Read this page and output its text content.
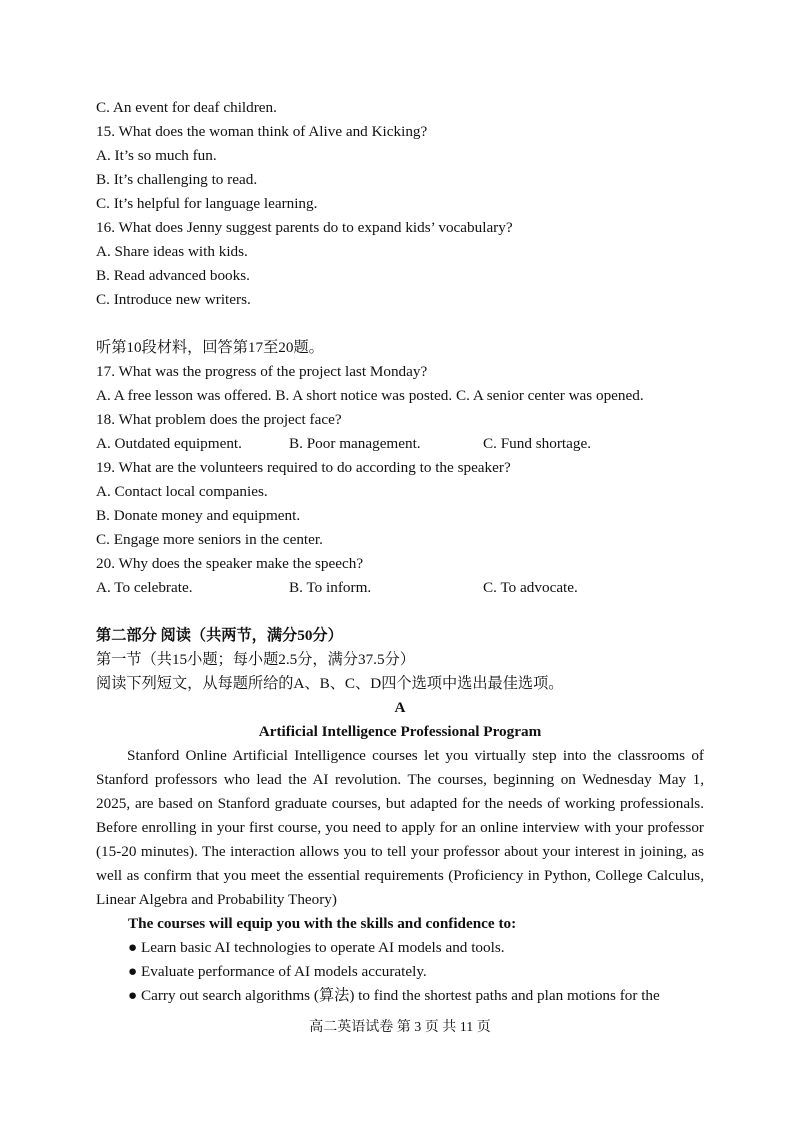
C. An event for deaf children.
15. What does the woman think of Alive and Kicking?
A. It’s so much fun.
B. It’s challenging to read.
C. It’s helpful for language learning.
16. What does Jenny suggest parents do to expand kids’ vocabulary?
A. Share ideas with kids.
B. Read advanced books.
C. Introduce new writers.
听第10段材料，回答第17至20题。
17. What was the progress of the project last Monday?
A. A free lesson was offered. B. A short notice was posted. C. A senior center was opened.
18. What problem does the project face?
A. Outdated equipment.	B. Poor management.	C. Fund shortage.
19. What are the volunteers required to do according to the speaker?
A. Contact local companies.
B. Donate money and equipment.
C. Engage more seniors in the center.
20. Why does the speaker make the speech?
A. To celebrate.	B. To inform.	C. To advocate.
第二部分 阅读（共两节，满分50分）
第一节（共15小题；每小题2.5分，满分37.5分）
阅读下列短文，从每题所给的A、B、C、D四个选项中选出最佳选项。
A
Artificial Intelligence Professional Program
Stanford Online Artificial Intelligence courses let you virtually step into the classrooms of Stanford professors who lead the AI revolution. The courses, beginning on Wednesday May 1, 2025, are based on Stanford graduate courses, but adapted for the needs of working professionals. Before enrolling in your first course, you need to apply for an online interview with your professor (15-20 minutes). The interaction allows you to tell your professor about your interest in joining, as well as confirm that you meet the essential requirements (Proficiency in Python, College Calculus, Linear Algebra and Probability Theory)
The courses will equip you with the skills and confidence to:
● Learn basic AI technologies to operate AI models and tools.
● Evaluate performance of AI models accurately.
● Carry out search algorithms (算法) to find the shortest paths and plan motions for the
高二英语试卷 第 3 页 共 11 页
